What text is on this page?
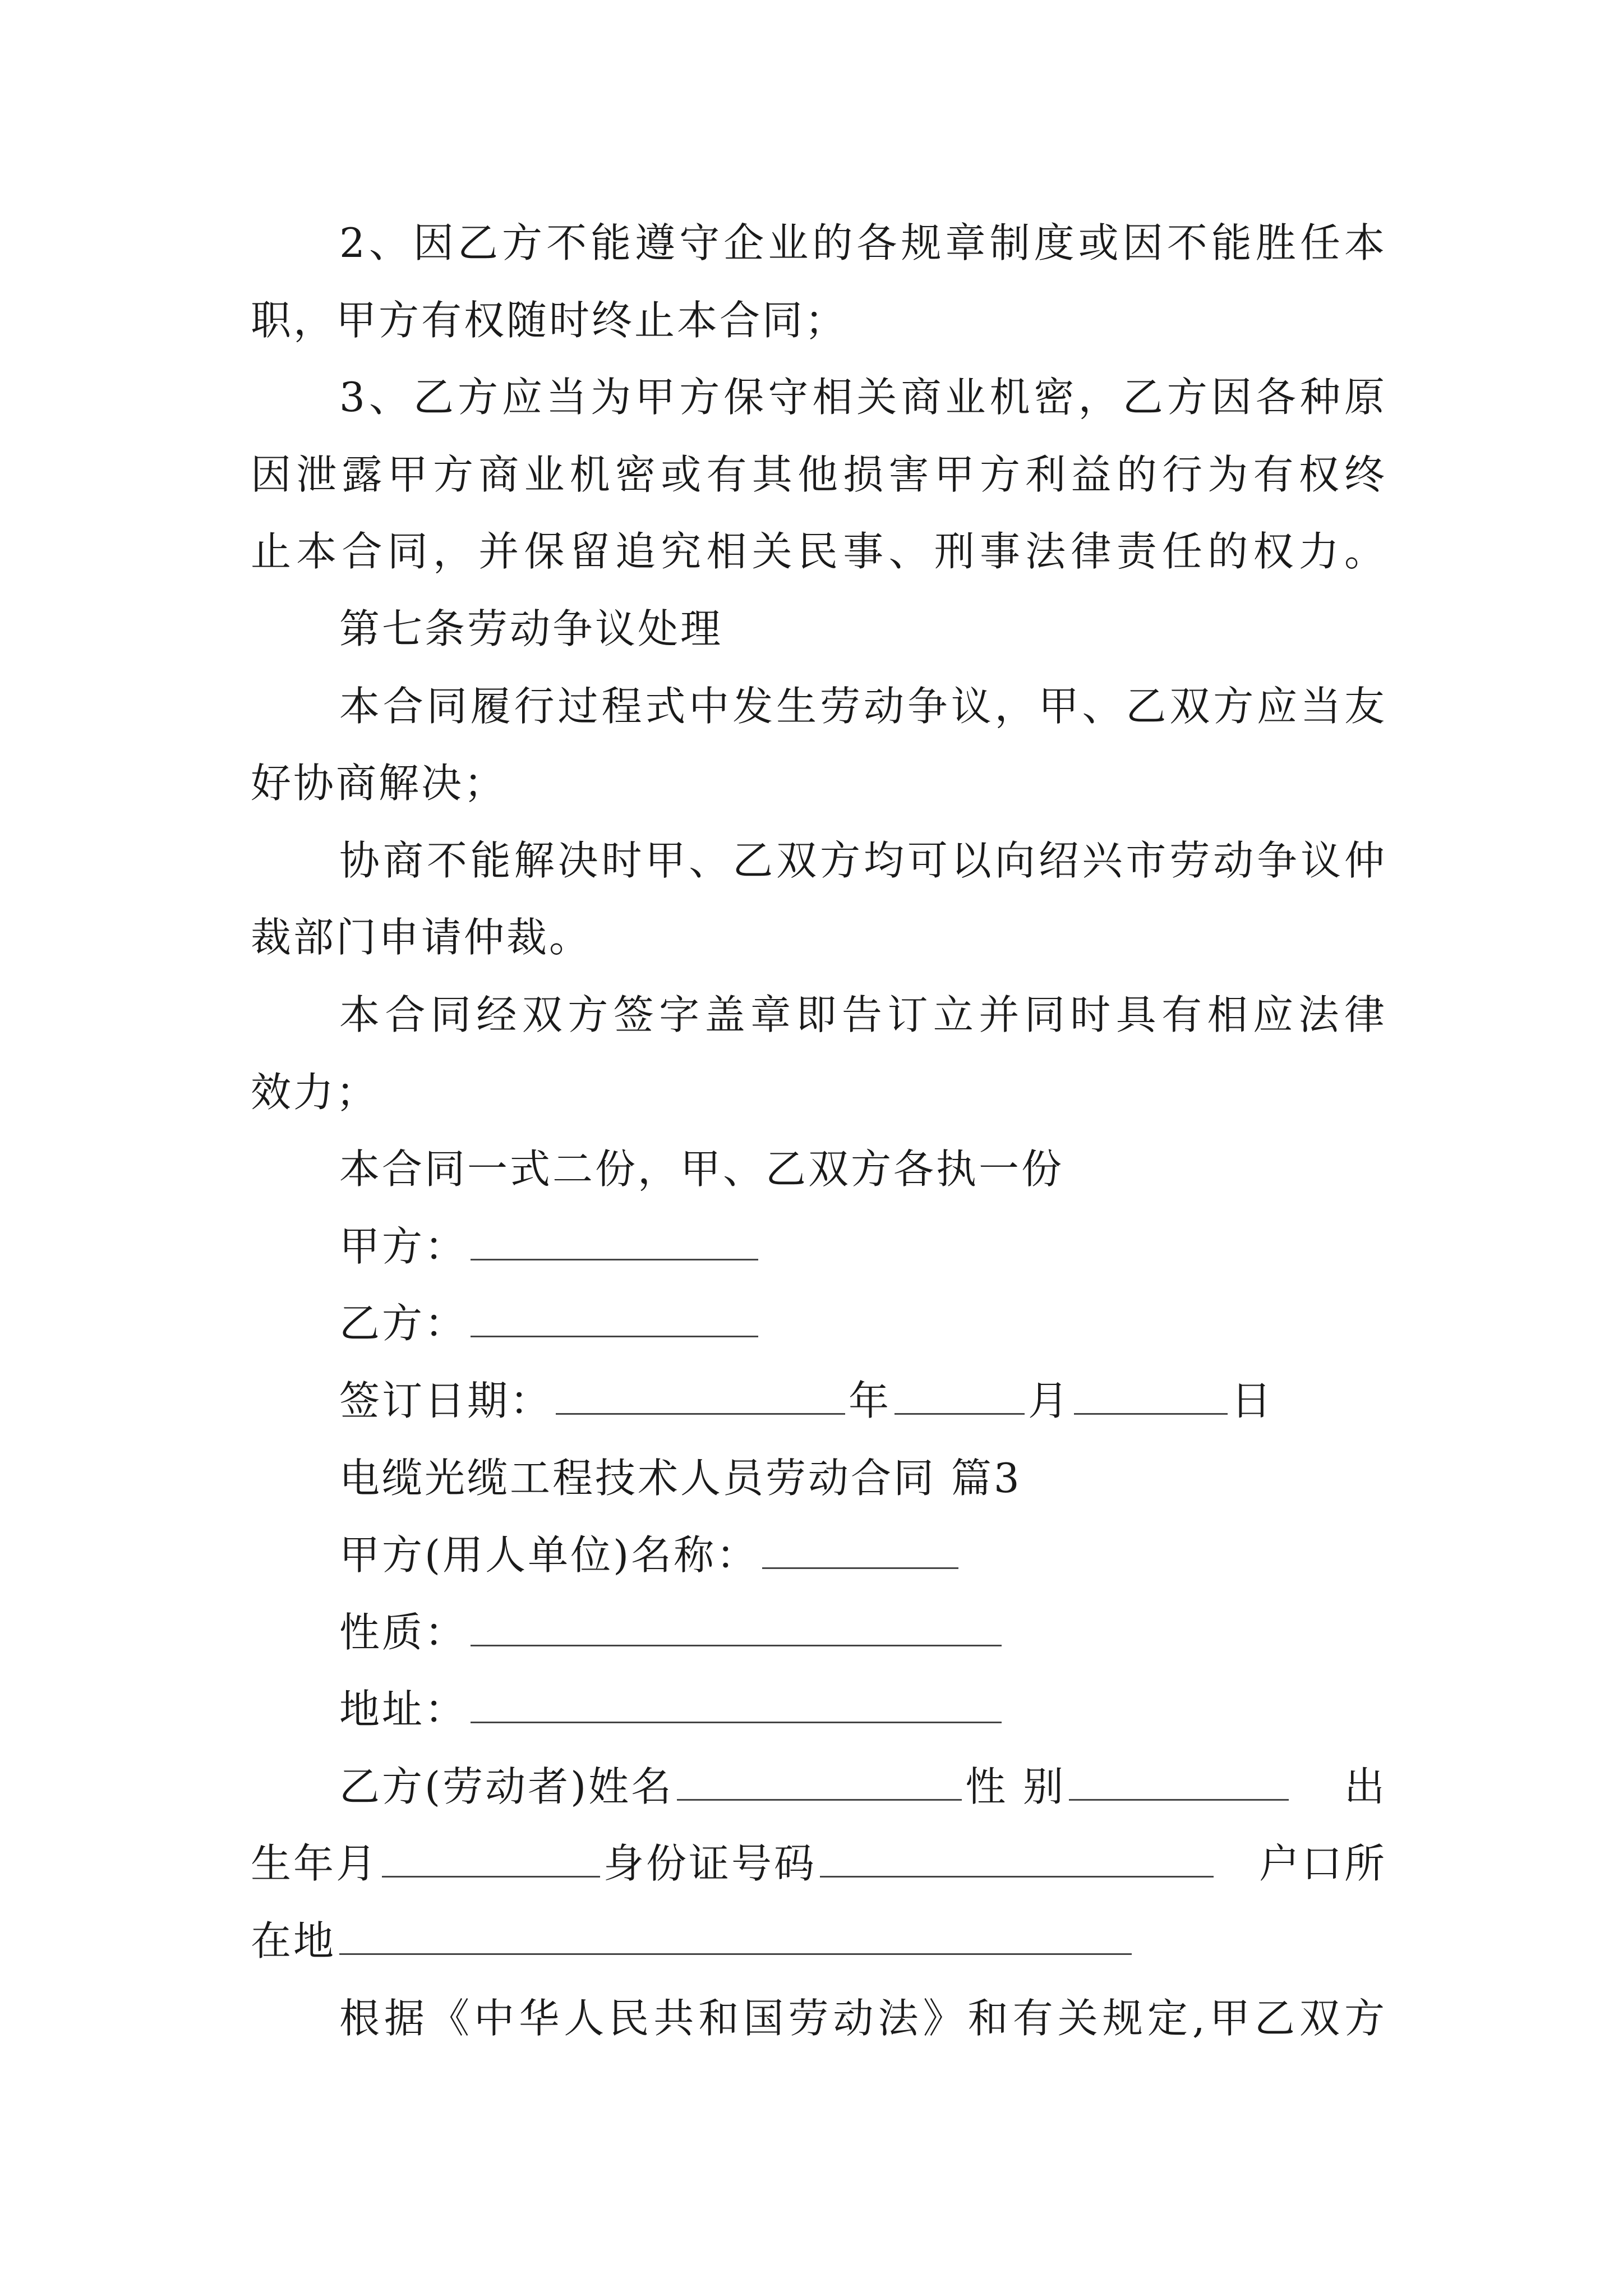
2、因乙方不能遵守企业的各规章制度或因不能胜任本
职，甲方有权随时终止本合同；
3、乙方应当为甲方保守相关商业机密，乙方因各种原
因泄露甲方商业机密或有其他损害甲方利益的行为有权终
止本合同，并保留追究相关民事、刑事法律责任的权力。
第七条劳动争议处理
本合同履行过程式中发生劳动争议，甲、乙双方应当友
好协商解决；
协商不能解决时甲、乙双方均可以向绍兴市劳动争议仲
裁部门申请仲裁。
本合同经双方签字盖章即告订立并同时具有相应法律
效力；
本合同一式二份，甲、乙双方各执一份
甲方：
乙方：
签订日期：	年	月	日
电缆光缆工程技术人员劳动合同 篇3
甲方(用人单位)名称：
性质：
地址：
乙方(劳动者)姓名	性 别	出
生年月	身份证号码	户口所
在地
根据《中华人民共和国劳动法》和有关规定,甲乙双方
